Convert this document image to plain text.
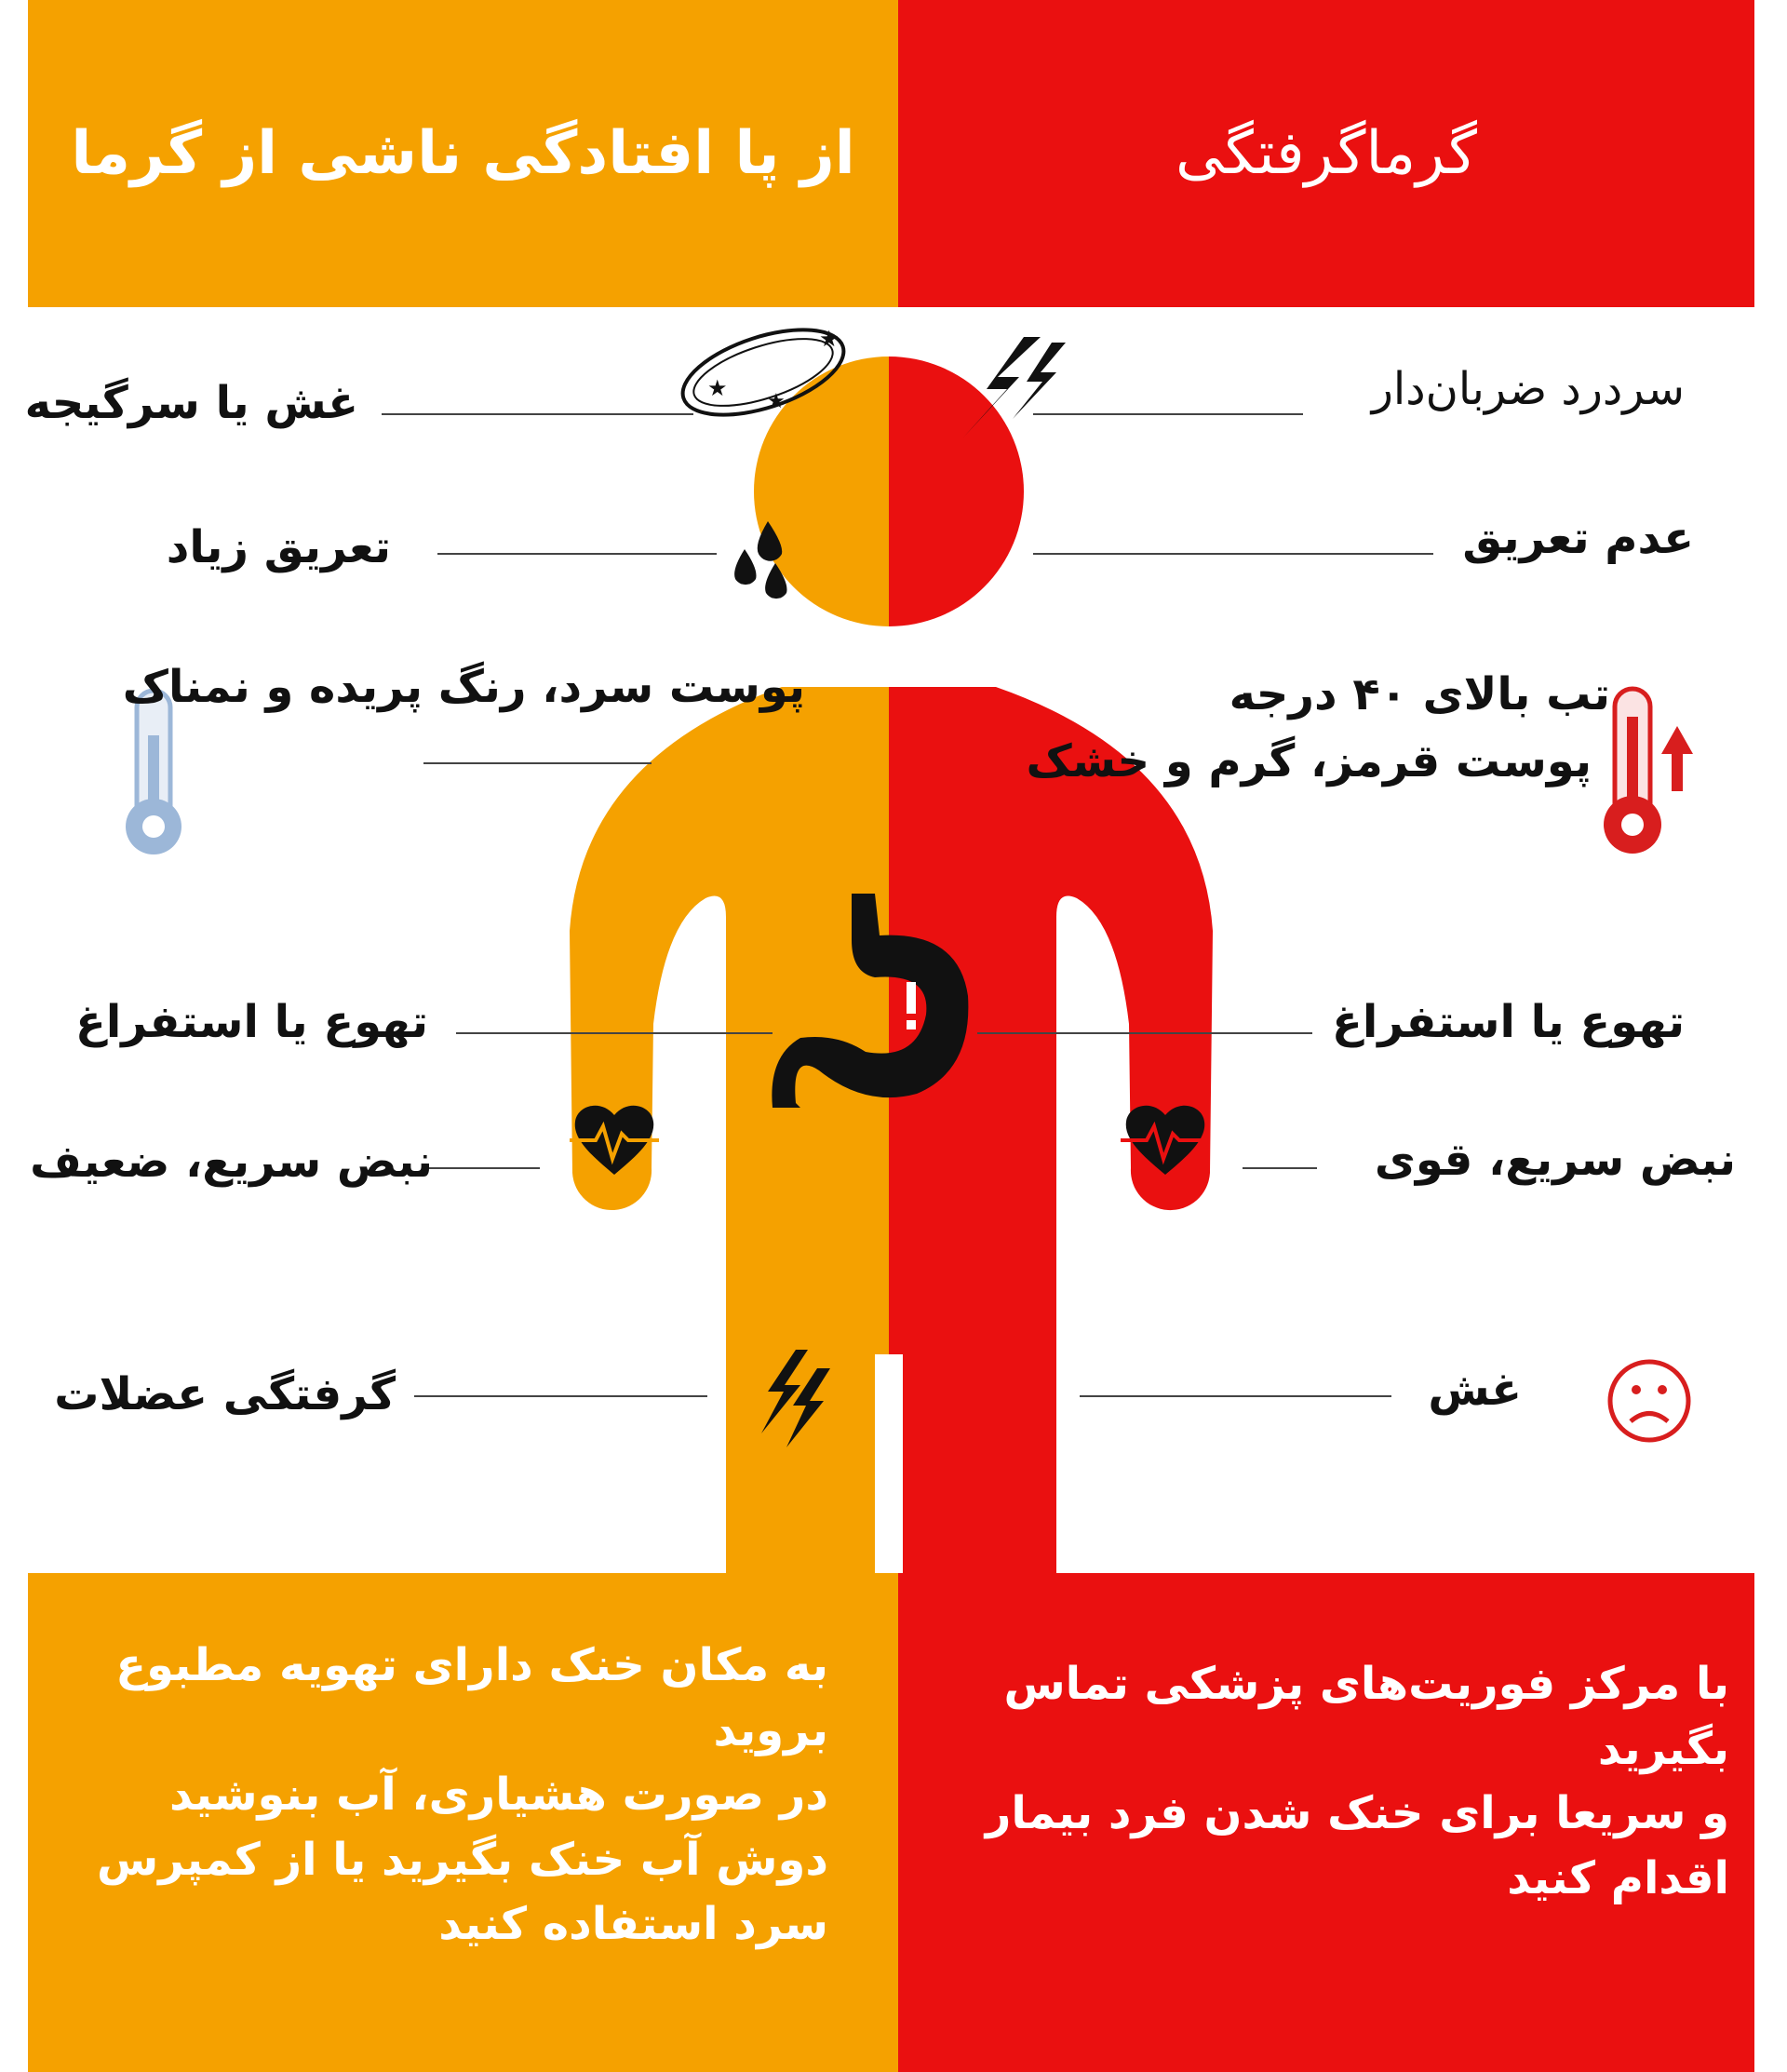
از پا افتادگی ناشی از گرما	گرماگرفتگی
★
★
★
غش یا سرگیجه
تعریق زیاد
پوست سرد، رنگ پریده و نمناک
تهوع یا استفراغ
نبض سریع، ضعیف
گرفتگی عضلات
سردرد ضربان‌دار
عدم تعریق
تب بالای ۴۰ درجه
پوست قرمز، گرم و خشک
تهوع یا استفراغ
نبض سریع، قوی
غش
به مکان خنک دارای تهویه مطبوع
بروید
در صورت هشیاری، آب بنوشید
دوش آب خنک بگیرید یا از کمپرس
سرد استفاده کنید
با مرکز فوریت‌های پزشکی تماس
بگیرید
و سریعا برای خنک شدن فرد بیمار
اقدام کنید
